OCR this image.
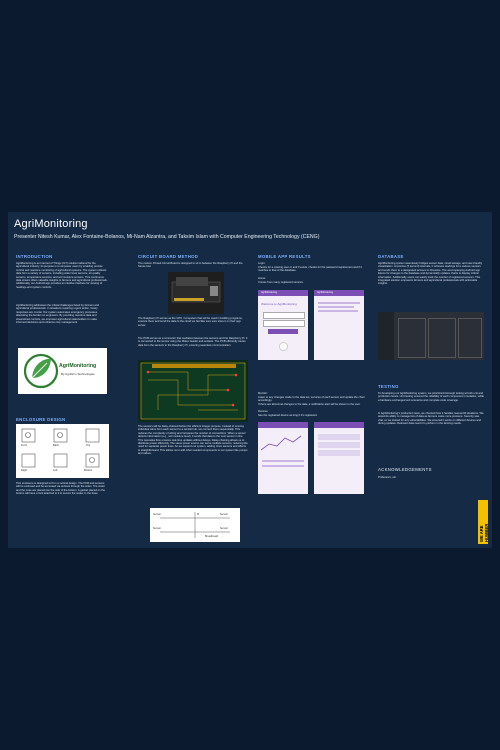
AgriMonitoring
Presenter Nitesh Kumar, Alex Fontaine-Bolanos, Mi-Nam Alzantra, and Taksim Islam with Computer Engineering Technology (CENG)
INTRODUCTION
AgriMonitoring is an Internet of Things (IoT) solution tailored for the agricultural industry. Its purpose is to empower users by enabling precise control and real-time monitoring of agricultural systems. The system collects data from a variety of sensors, including water level sensors, air quality sensors, temperature sensors, and soil moisture sensors. This continuous data stream offers valuable insights to farmers and agricultural professionals. Additionally, our Android app provides an intuitive interface for viewing of readings and system controls.
AgriMonitoring addresses the critical challenges faced by farmers and agricultural professionals. In situations requiring urgent action, timely responses are crucial. Our system automates emergency processes, alleviating the burden on engineers. By providing real-time data and streamlined controls, we empower agricultural stakeholders to make informed decisions and enhance crop management.
AgriMonitoring
By Agrifarm Technologies
ENCLOSURE DESIGN
Front	Back	Top
Right	Left	Bottom
This enclosure is designed to fit in a vertical design. The PCB and sensors will be enclosed and be accessed via sockets through the sides. The water and the nose are placed into the side of the bottom. A gasket placed on the bottom will have a lock attached to it to secure the sealer to the base.
CIRCUIT BOARD METHOD
The custom Printed Circuit Board is designed to sit in between the Raspberry Pi and the Sense Hat.
The Raspberry Pi serves as the CPU. Computers that will be used in building programs, execute them and send the data to the cloud we feel like sure sure store it on their app server.
The PCB serves as a connector that mediates between the sensors and the Raspberry Pi. It is connected to the sensor using the Molex header and sockets. The PCB efficiently routes data from the sensors to the Raspberry Pi, ensuring seamless communication.
The sensors will be daisy-chained before the efficient Integer purpose: Instead of running individual wires from each sensor to a central hub, we connect them sequentially. This reduces the complexity of wiring and increases the number of connections. When a sensor detects information (e.g., soil moisture level), it sends that data to the next sensor in line. This cascades flow ensures real-time updates without delays. Daisy-chaining allows us to distribute power efficiently. The same power source can serve multiple sensors, reducing the need for separate power lines. As we expand our system, adding more sensors and effects is straightforward. This allows us to add other needed components to our system like pumps and valves.
Sensor	Pi	Sensor
Sensor	Sensor
Breadboard
MOBILE APP RESULTS
Login:
Checks for a missing user or and if exists, checks for the password requirement and if it matches to that of the database.
Home:
Comes from many registered sensors.
AgriMonitoring
Welcome to AgriMonitoring
AgriMonitoring
Monitor:
Listen to any changes made to the data set, services of each sensor and update the chart accordingly.
If there are abnormal changes to the data, a notification alert will be shown to the user.
Devices:
See the registered device as long if it's registered.
DATABASE
AgriMonitoring system seamlessly bridges sensor data, cloud storage, and user-friendly visualization. At precise (5 second) intervals, it retrieves readings from various sensors and sends them to a designated account in Firestore. The accompanying Android app listens for changes to the database and dynamically updates charts to display critical information. Additionally, users can easily track the number of registered sensors. This integrated solution empowers farmers and agricultural professionals with actionable insights.
TESTING
To developing our AgriMonitoring system, we prioritized thorough testing at both unit and production levels. Unit testing ensured the reliability of each component in isolation, while a hardware exchanged unit scenarios and complete code coverage.
In AgriMonitoring's production tests, we checked how it handles real-world situations. We tested its ability to manage lots of data as farmers make more pressure. Security was vital, so we looked for any vulnerabilities. We ensured it works on different devices and during updates. Relevant data need it to perform in the farming needs.
ACKNOWLEDGEMENTS
Professors, etc.
WE ARE HUMBER
